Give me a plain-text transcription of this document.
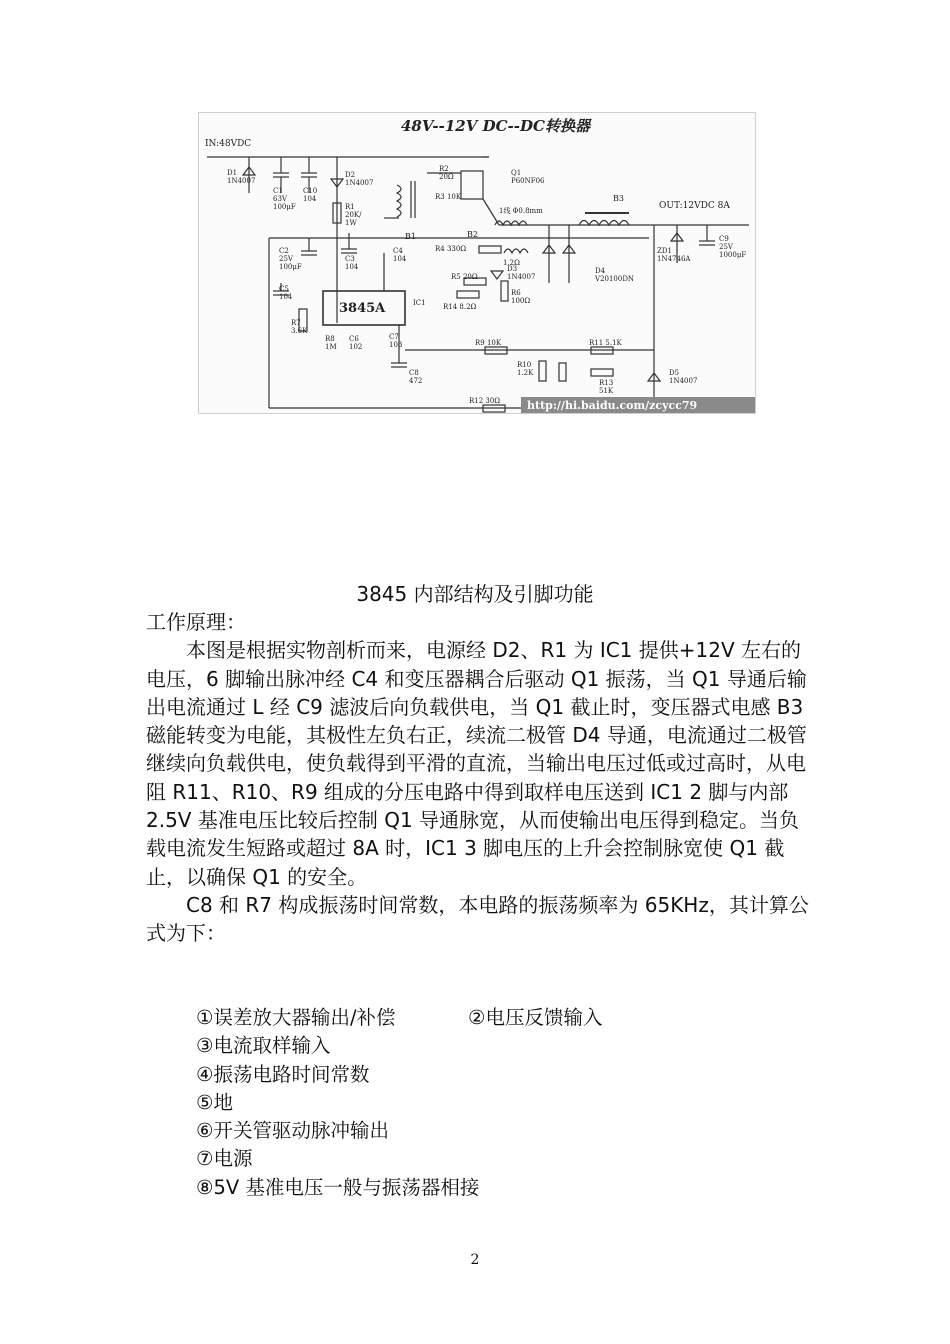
48V--12V DC--DC转换器
IN:48VDC
OUT:12VDC 8A
3845A	IC1
D1 1N4007
C1 63V 100μF
C10 104
D2 1N4007
R1 20K/ 1W
C3 104
C2 25V 100μF
C5 104
R7 3.6K
R8 1M
C6 102
C7 103
C8 472
C4 104
B1
R2 20Ω
R3 10K
Q1 P60NF06
B2
R4 330Ω
R5 20Ω
D3 1N4007
R14 8.2Ω
R6 100Ω
D4 V20100DN
B3
1线 Φ0.8mm
1.2Ω
ZD1 1N4746A
C9 25V 1000μF
R9 10K
R10 1.2K
R11 5.1K
R13 51K
D5 1N4007
R12 30Ω http://hi.baidu.com/zcycc79
3845 内部结构及引脚功能

工作原理：

本图是根据实物剖析而来，电源经 D2、R1 为 IC1 提供+12V 左右的电压，6 脚输出脉冲经 C4 和变压器耦合后驱动 Q1 振荡，当 Q1 导通后输出电流通过 L 经 C9 滤波后向负载供电，当 Q1 截止时，变压器式电感 B3 磁能转变为电能，其极性左负右正，续流二极管 D4 导通，电流通过二极管继续向负载供电，使负载得到平滑的直流，当输出电压过低或过高时，从电阻 R11、R10、R9 组成的分压电路中得到取样电压送到 IC1 2 脚与内部 2.5V 基准电压比较后控制 Q1 导通脉宽，从而使输出电压得到稳定。当负载电流发生短路或超过 8A 时，IC1 3 脚电压的上升会控制脉宽使 Q1 截止，以确保 Q1 的安全。

C8 和 R7 构成振荡时间常数，本电路的振荡频率为 65KHz，其计算公式为下：

①误差放大器输出/补偿	②电压反馈输入
③电流取样输入
④振荡电路时间常数
⑤地
⑥开关管驱动脉冲输出
⑦电源
⑧5V 基准电压一般与振荡器相接
2
